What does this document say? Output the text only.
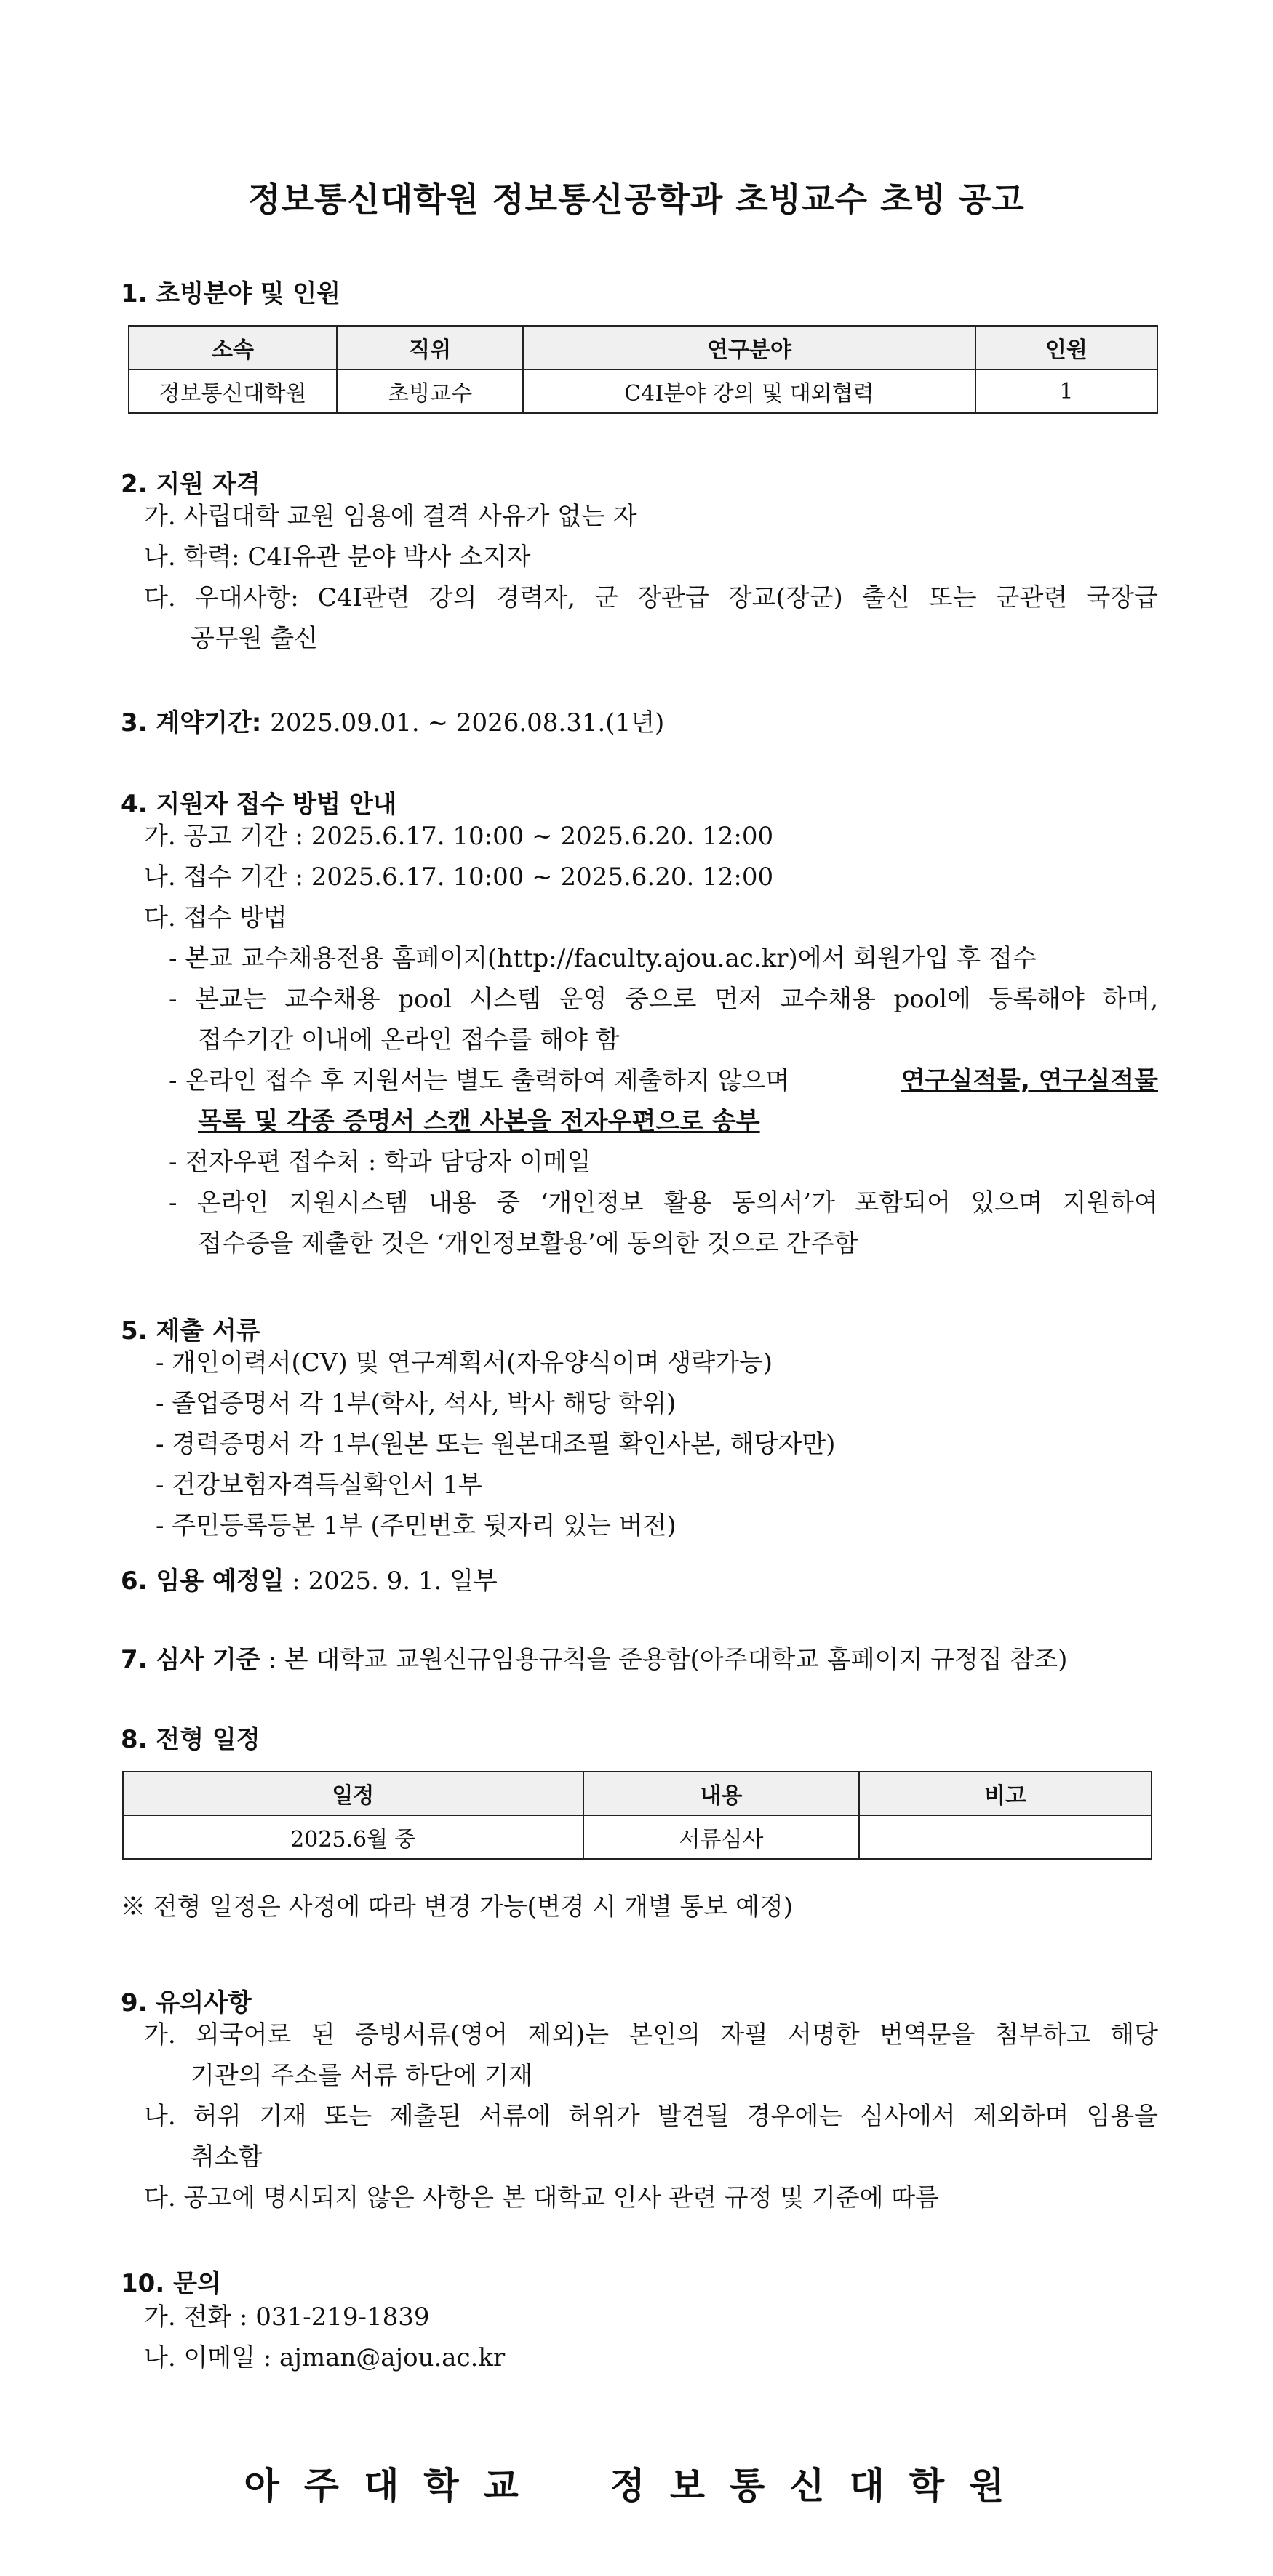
정보통신대학원 정보통신공학과 초빙교수 초빙 공고
1. 초빙분야 및 인원
소속	직위	연구분야	인원
정보통신대학원	초빙교수	C4I분야 강의 및 대외협력	1
2. 지원 자격
가. 사립대학 교원 임용에 결격 사유가 없는 자
나. 학력: C4I유관 분야 박사 소지자
다. 우대사항: C4I관련 강의 경력자, 군 장관급 장교(장군) 출신 또는 군관련 국장급
공무원 출신
3. 계약기간: 2025.09.01. ~ 2026.08.31.(1년)
4. 지원자 접수 방법 안내
가. 공고 기간 : 2025.6.17. 10:00 ~ 2025.6.20. 12:00
나. 접수 기간 : 2025.6.17. 10:00 ~ 2025.6.20. 12:00
다. 접수 방법
- 본교 교수채용전용 홈페이지(http://faculty.ajou.ac.kr)에서 회원가입 후 접수
- 본교는 교수채용 pool 시스템 운영 중으로 먼저 교수채용 pool에 등록해야 하며,
접수기간 이내에 온라인 접수를 해야 함
- 온라인 접수 후 지원서는 별도 출력하여 제출하지 않으며	연구실적물, 연구실적물
목록 및 각종 증명서 스캔 사본을 전자우편으로 송부
- 전자우편 접수처 : 학과 담당자 이메일
- 온라인 지원시스템 내용 중 ‘개인정보 활용 동의서’가 포함되어 있으며 지원하여
접수증을 제출한 것은 ‘개인정보활용’에 동의한 것으로 간주함
5. 제출 서류
- 개인이력서(CV) 및 연구계획서(자유양식이며 생략가능)
- 졸업증명서 각 1부(학사, 석사, 박사 해당 학위)
- 경력증명서 각 1부(원본 또는 원본대조필 확인사본, 해당자만)
- 건강보험자격득실확인서 1부
- 주민등록등본 1부 (주민번호 뒷자리 있는 버전)
6. 임용 예정일 : 2025. 9. 1. 일부
7. 심사 기준 : 본 대학교 교원신규임용규칙을 준용함(아주대학교 홈페이지 규정집 참조)
8. 전형 일정
일정	내용	비고
2025.6월 중	서류심사	
※ 전형 일정은 사정에 따라 변경 가능(변경 시 개별 통보 예정)
9. 유의사항
가. 외국어로 된 증빙서류(영어 제외)는 본인의 자필 서명한 번역문을 첨부하고 해당
기관의 주소를 서류 하단에 기재
나. 허위 기재 또는 제출된 서류에 허위가 발견될 경우에는 심사에서 제외하며 임용을
취소함
다. 공고에 명시되지 않은 사항은 본 대학교 인사 관련 규정 및 기준에 따름
10. 문의
가. 전화 : 031-219-1839
나. 이메일 : ajman@ajou.ac.kr
아주대학교 정보통신대학원
